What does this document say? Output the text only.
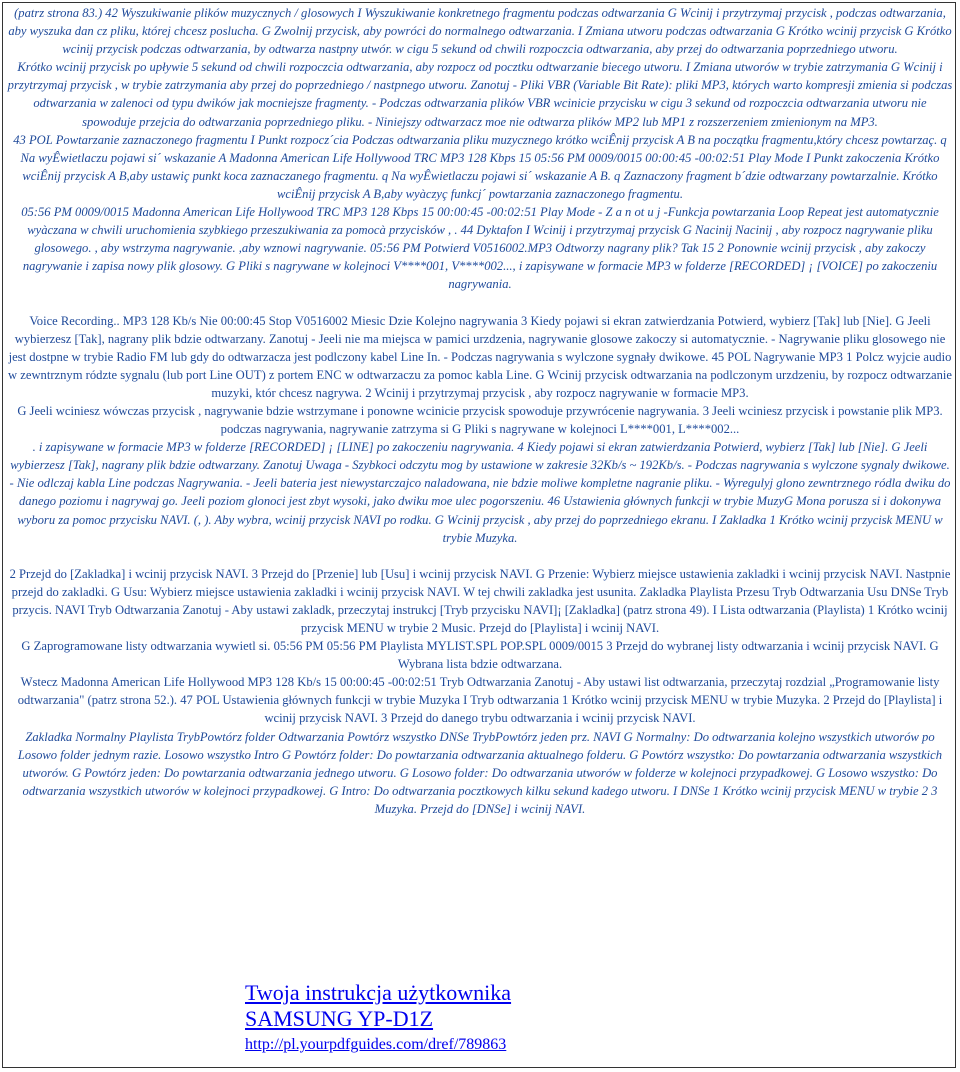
(patrz strona 83.) 42 Wyszukiwanie plików muzycznych / glosowych I Wyszukiwanie konkretnego fragmentu podczas odtwarzania G Wcinij i przytrzymaj przycisk , podczas odtwarzania, aby wyszuka dan cz pliku, której chcesz poslucha. G Zwolnij przycisk, aby powróci do normalnego odtwarzania. I Zmiana utworu podczas odtwarzania G Krótko wcinij przycisk G Krótko wcinij przycisk podczas odtwarzania, by odtwarza nastpny utwór. w cigu 5 sekund od chwili rozpoczcia odtwarzania, aby przej do odtwarzania poprzedniego utworu.

Krótko wcinij przycisk po upływie 5 sekund od chwili rozpoczcia odtwarzania, aby rozpocz od pocztku odtwarzanie biecego utworu. I Zmiana utworów w trybie zatrzymania G Wcinij i przytrzymaj przycisk , w trybie zatrzymania aby przej do poprzedniego / nastpnego utworu. Zanotuj - Pliki VBR (Variable Bit Rate): pliki MP3, których warto kompresji zmienia si podczas odtwarzania w zalenoci od typu dwików jak mocniejsze fragmenty. - Podczas odtwarzania plików VBR wcinicie przycisku w cigu 3 sekund od rozpoczcia odtwarzania utworu nie spowoduje przejcia do odtwarzania poprzedniego pliku. - Niniejszy odtwarzacz moe nie odtwarza plików MP2 lub MP1 z rozszerzeniem zmienionym na MP3.

43 POL Powtarzanie zaznaczonego fragmentu I Punkt rozpocz´cia Podczas odtwarzania pliku muzycznego krótko wciÊnij przycisk A B na początku fragmentu,który chcesz powtarzaç. q Na wyÊwietlaczu pojawi si´ wskazanie A Madonna American Life Hollywood TRC MP3 128 Kbps 15 05:56 PM 0009/0015 00:00:45 -00:02:51 Play Mode I Punkt zakoczenia Krótko wciÊnij przycisk A B,aby ustawiç punkt koca zaznaczanego fragmentu. q Na wyÊwietlaczu pojawi si´ wskazanie A B. q Zaznaczony fragment b´dzie odtwarzany powtarzalnie. Krótko wciÊnij przycisk A B,aby wyàczyç funkcj´ powtarzania zaznaczonego fragmentu.

05:56 PM 0009/0015 Madonna American Life Hollywood TRC MP3 128 Kbps 15 00:00:45 -00:02:51 Play Mode - Z a n ot u j -Funkcja powtarzania Loop Repeat jest automatycznie wyàczana w chwili uruchomienia szybkiego przeszukiwania za pomocà przycisków , . 44 Dyktafon I Wcinij i przytrzymaj przycisk G Nacinij Nacinij , aby rozpocz nagrywanie pliku glosowego. , aby wstrzyma nagrywanie. ,aby wznowi nagrywanie. 05:56 PM Potwierd V0516002.MP3 Odtworzy nagrany plik? Tak 15 2 Ponownie wcinij przycisk , aby zakoczy nagrywanie i zapisa nowy plik glosowy. G Pliki s nagrywane w kolejnoci V****001, V****002..., i zapisywane w formacie MP3 w folderze [RECORDED] ¡ [VOICE] po zakoczeniu nagrywania.

Voice Recording.. MP3 128 Kb/s Nie 00:00:45 Stop V0516002 Miesic Dzie Kolejno nagrywania 3 Kiedy pojawi si ekran zatwierdzania Potwierd, wybierz [Tak] lub [Nie]. G Jeeli wybierzesz [Tak], nagrany plik bdzie odtwarzany. Zanotuj - Jeeli nie ma miejsca w pamici urzdzenia, nagrywanie glosowe zakoczy si automatycznie. - Nagrywanie pliku glosowego nie jest dostpne w trybie Radio FM lub gdy do odtwarzacza jest podlczony kabel Line In. - Podczas nagrywania s wylczone sygnały dwikowe. 45 POL Nagrywanie MP3 1 Polcz wyjcie audio w zewntrznym rództe sygnalu (lub port Line OUT) z portem ENC w odtwarzaczu za pomoc kabla Line. G Wcinij przycisk odtwarzania na podlczonym urzdzeniu, by rozpocz odtwarzanie muzyki, któr chcesz nagrywa. 2 Wcinij i przytrzymaj przycisk , aby rozpocz nagrywanie w formacie MP3.

G Jeeli wciniesz wówczas przycisk , nagrywanie bdzie wstrzymane i ponowne wcinicie przycisk spowoduje przywrócenie nagrywania. 3 Jeeli wciniesz przycisk i powstanie plik MP3. podczas nagrywania, nagrywanie zatrzyma si G Pliki s nagrywane w kolejnoci L****001, L****002...

. i zapisywane w formacie MP3 w folderze [RECORDED] ¡ [LINE] po zakoczeniu nagrywania. 4 Kiedy pojawi si ekran zatwierdzania Potwierd, wybierz [Tak] lub [Nie]. G Jeeli wybierzesz [Tak], nagrany plik bdzie odtwarzany. Zanotuj Uwaga - Szybkoci odczytu mog by ustawione w zakresie 32Kb/s ~ 192Kb/s. - Podczas nagrywania s wylczone sygnaly dwikowe. - Nie odlczaj kabla Line podczas Nagrywania. - Jeeli bateria jest niewystarczajco naladowana, nie bdzie moliwe kompletne nagranie pliku. - Wyregulуj glono zewntrznego ródla dwiku do danego poziomu i nagrywaj go. Jeeli poziom glonoci jest zbyt wysoki, jako dwiku moe ulec pogorszeniu. 46 Ustawienia głównych funkcji w trybie MuzyG Mona porusza si i dokonywa wyboru za pomoc przycisku NAVI. (, ). Aby wybra, wcinij przycisk NAVI po rodku. G Wcinij przycisk , aby przej do poprzedniego ekranu. I Zakladka 1 Krótko wcinij przycisk MENU w trybie Muzyka.

2 Przejd do [Zakladka] i wcinij przycisk NAVI. 3 Przejd do [Przenie] lub [Usu] i wcinij przycisk NAVI. G Przenie: Wybierz miejsce ustawienia zakladki i wcinij przycisk NAVI. Nastpnie przejd do zakladki. G Usu: Wybierz miejsce ustawienia zakladki i wcinij przycisk NAVI. W tej chwili zakladka jest usunita. Zakladka Playlista Przesu Tryb Odtwarzania Usu DNSe Tryb przycis. NAVI Tryb Odtwarzania Zanotuj - Aby ustawi zakladk, przeczytaj instrukcj [Tryb przycisku NAVI]¡ [Zakladka] (patrz strona 49). I Lista odtwarzania (Playlista) 1 Krótko wcinij przycisk MENU w trybie 2 Music. Przejd do [Playlista] i wcinij NAVI.

G Zaprogramowane listy odtwarzania wywietl si. 05:56 PM 05:56 PM Playlista MYLIST.SPL POP.SPL 0009/0015 3 Przejd do wybranej listy odtwarzania i wcinij przycisk NAVI. G Wybrana lista bdzie odtwarzana.

Wstecz Madonna American Life Hollywood MP3 128 Kb/s 15 00:00:45 -00:02:51 Tryb Odtwarzania Zanotuj - Aby ustawi list odtwarzania, przeczytaj rozdzial „Programowanie listy odtwarzania" (patrz strona 52.). 47 POL Ustawienia głównych funkcji w trybie Muzyka I Tryb odtwarzania 1 Krótko wcinij przycisk MENU w trybie Muzyka. 2 Przejd do [Playlista] i wcinij przycisk NAVI. 3 Przejd do danego trybu odtwarzania i wcinij przycisk NAVI.

Zakladka Normalny Playlista TrybPowtórz folder Odtwarzania Powtórz wszystko DNSe TrybPowtórz jeden prz. NAVI G Normalny: Do odtwarzania kolejno wszystkich utworów po Losowo folder jednym razie. Losowo wszystko Intro G Powtórz folder: Do powtarzania odtwarzania aktualnego folderu. G Powtórz wszystko: Do powtarzania odtwarzania wszystkich utworów. G Powtórz jeden: Do powtarzania odtwarzania jednego utworu. G Losowo folder: Do odtwarzania utworów w folderze w kolejnoci przypadkowej. G Losowo wszystko: Do odtwarzania wszystkich utworów w kolejnoci przypadkowej. G Intro: Do odtwarzania pocztkowych kilku sekund kadego utworu. I DNSe 1 Krótko wcinij przycisk MENU w trybie 2 3 Muzyka. Przejd do [DNSe] i wcinij NAVI.

Twoja instrukcja użytkownika
SAMSUNG YP-D1Z
http://pl.yourpdfguides.com/dref/789863
